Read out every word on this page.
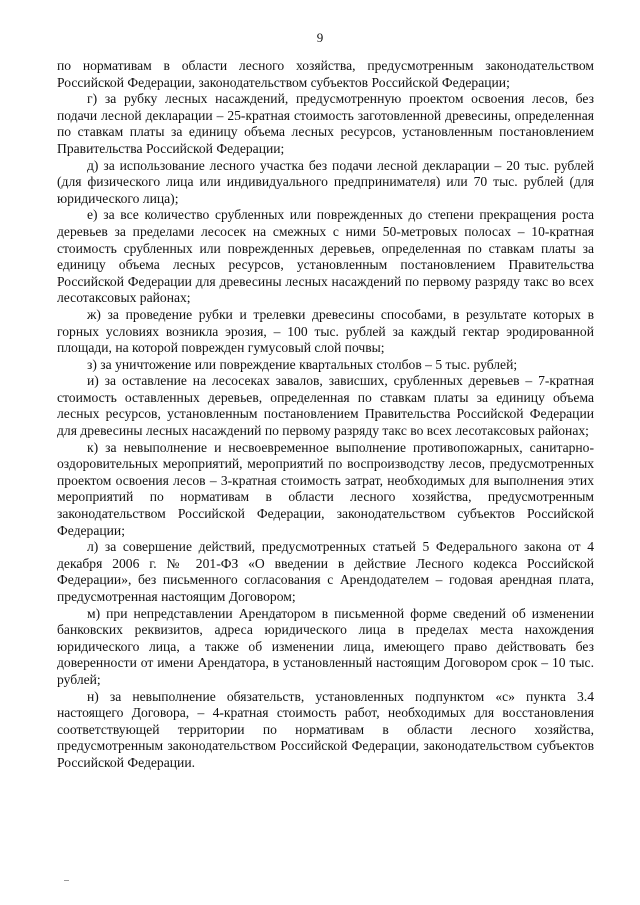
9

по нормативам в области лесного хозяйства, предусмотренным законодательством Российской Федерации, законодательством субъектов Российской Федерации;

г) за рубку лесных насаждений, предусмотренную проектом освоения лесов, без подачи лесной декларации – 25-кратная стоимость заготовленной древесины, определенная по ставкам платы за единицу объема лесных ресурсов, установленным постановлением Правительства Российской Федерации;

д) за использование лесного участка без подачи лесной декларации – 20 тыс. рублей (для физического лица или индивидуального предпринимателя) или 70 тыс. рублей (для юридического лица);

е) за все количество срубленных или поврежденных до степени прекращения роста деревьев за пределами лесосек на смежных с ними 50-метровых полосах – 10-кратная стоимость срубленных или поврежденных деревьев, определенная по ставкам платы за единицу объема лесных ресурсов, установленным постановлением Правительства Российской Федерации для древесины лесных насаждений по первому разряду такс во всех лесотаксовых районах;

ж) за проведение рубки и трелевки древесины способами, в результате которых в горных условиях возникла эрозия, – 100 тыс. рублей за каждый гектар эродированной площади, на которой поврежден гумусовый слой почвы;

з) за уничтожение или повреждение квартальных столбов – 5 тыс. рублей;

и) за оставление на лесосеках завалов, зависших, срубленных деревьев – 7-кратная стоимость оставленных деревьев, определенная по ставкам платы за единицу объема лесных ресурсов, установленным постановлением Правительства Российской Федерации для древесины лесных насаждений по первому разряду такс во всех лесотаксовых районах;

к) за невыполнение и несвоевременное выполнение противопожарных, санитарно-оздоровительных мероприятий, мероприятий по воспроизводству лесов, предусмотренных проектом освоения лесов – 3-кратная стоимость затрат, необходимых для выполнения этих мероприятий по нормативам в области лесного хозяйства, предусмотренным законодательством Российской Федерации, законодательством субъектов Российской Федерации;

л) за совершение действий, предусмотренных статьей 5 Федерального закона от 4 декабря 2006 г. № 201-ФЗ «О введении в действие Лесного кодекса Российской Федерации», без письменного согласования с Арендодателем – годовая арендная плата, предусмотренная настоящим Договором;

м) при непредставлении Арендатором в письменной форме сведений об изменении банковских реквизитов, адреса юридического лица в пределах места нахождения юридического лица, а также об изменении лица, имеющего право действовать без доверенности от имени Арендатора, в установленный настоящим Договором срок – 10 тыс. рублей;

н) за невыполнение обязательств, установленных подпунктом «с» пункта 3.4 настоящего Договора, – 4-кратная стоимость работ, необходимых для восстановления соответствующей территории по нормативам в области лесного хозяйства, предусмотренным законодательством Российской Федерации, законодательством субъектов Российской Федерации.
